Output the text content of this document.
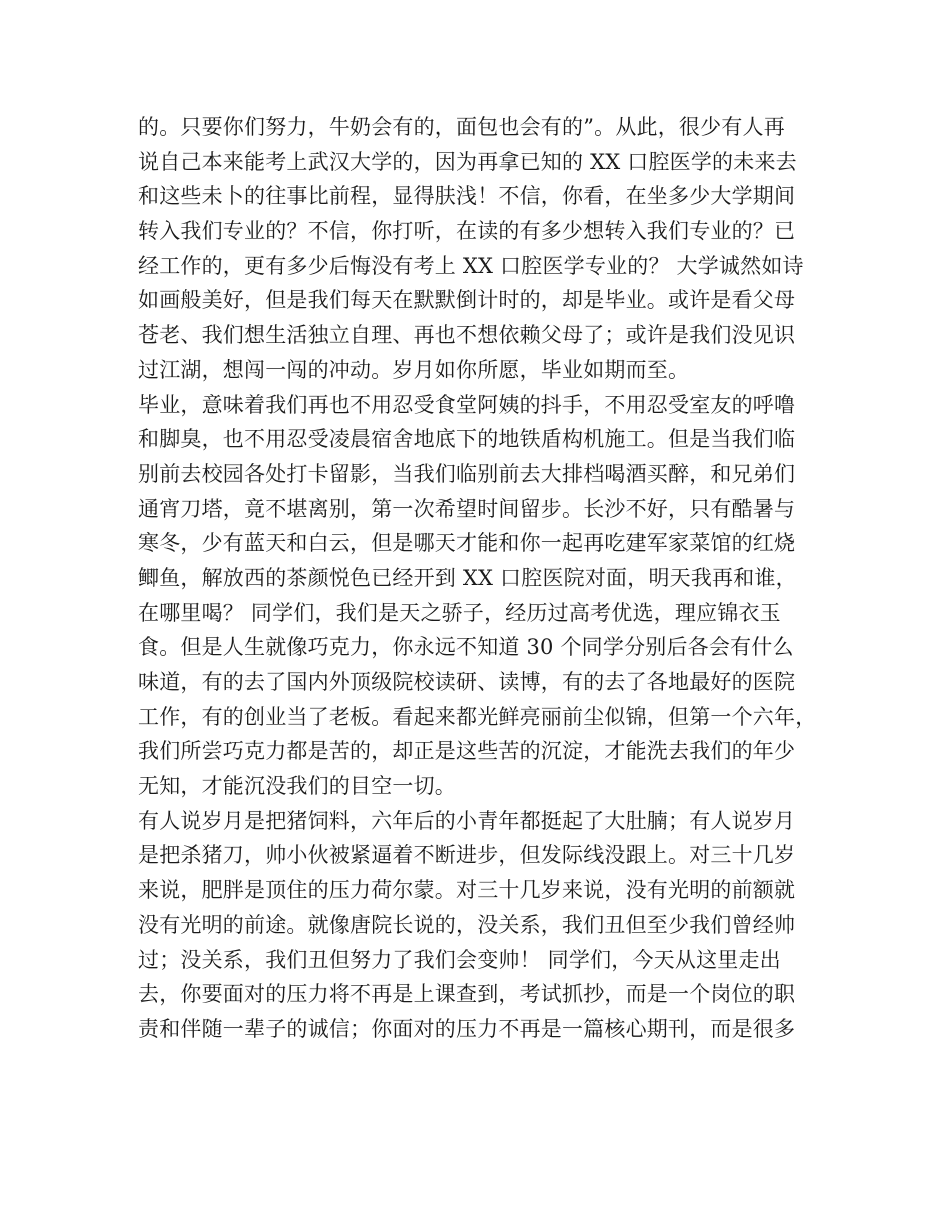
的。只要你们努力，牛奶会有的，面包也会有的”。从此，很少有人再
说自己本来能考上武汉大学的，因为再拿已知的 XX 口腔医学的未来去
和这些未卜的往事比前程，显得肤浅！不信，你看，在坐多少大学期间
转入我们专业的？不信，你打听，在读的有多少想转入我们专业的？已
经工作的，更有多少后悔没有考上 XX 口腔医学专业的？ 大学诚然如诗
如画般美好，但是我们每天在默默倒计时的，却是毕业。或许是看父母
苍老、我们想生活独立自理、再也不想依赖父母了；或许是我们没见识
过江湖，想闯一闯的冲动。岁月如你所愿，毕业如期而至。
毕业，意味着我们再也不用忍受食堂阿姨的抖手，不用忍受室友的呼噜
和脚臭，也不用忍受凌晨宿舍地底下的地铁盾构机施工。但是当我们临
别前去校园各处打卡留影，当我们临别前去大排档喝酒买醉，和兄弟们
通宵刀塔，竟不堪离别，第一次希望时间留步。长沙不好，只有酷暑与
寒冬，少有蓝天和白云，但是哪天才能和你一起再吃建军家菜馆的红烧
鲫鱼，解放西的茶颜悦色已经开到 XX 口腔医院对面，明天我再和谁，
在哪里喝？ 同学们，我们是天之骄子，经历过高考优选，理应锦衣玉
食。但是人生就像巧克力，你永远不知道 30 个同学分别后各会有什么
味道，有的去了国内外顶级院校读研、读博，有的去了各地最好的医院
工作，有的创业当了老板。看起来都光鲜亮丽前尘似锦，但第一个六年，
我们所尝巧克力都是苦的，却正是这些苦的沉淀，才能洗去我们的年少
无知，才能沉没我们的目空一切。
有人说岁月是把猪饲料，六年后的小青年都挺起了大肚腩；有人说岁月
是把杀猪刀，帅小伙被紧逼着不断进步，但发际线没跟上。对三十几岁
来说，肥胖是顶住的压力荷尔蒙。对三十几岁来说，没有光明的前额就
没有光明的前途。就像唐院长说的，没关系，我们丑但至少我们曾经帅
过；没关系，我们丑但努力了我们会变帅！ 同学们，今天从这里走出
去，你要面对的压力将不再是上课查到，考试抓抄，而是一个岗位的职
责和伴随一辈子的诚信；你面对的压力不再是一篇核心期刊，而是很多
